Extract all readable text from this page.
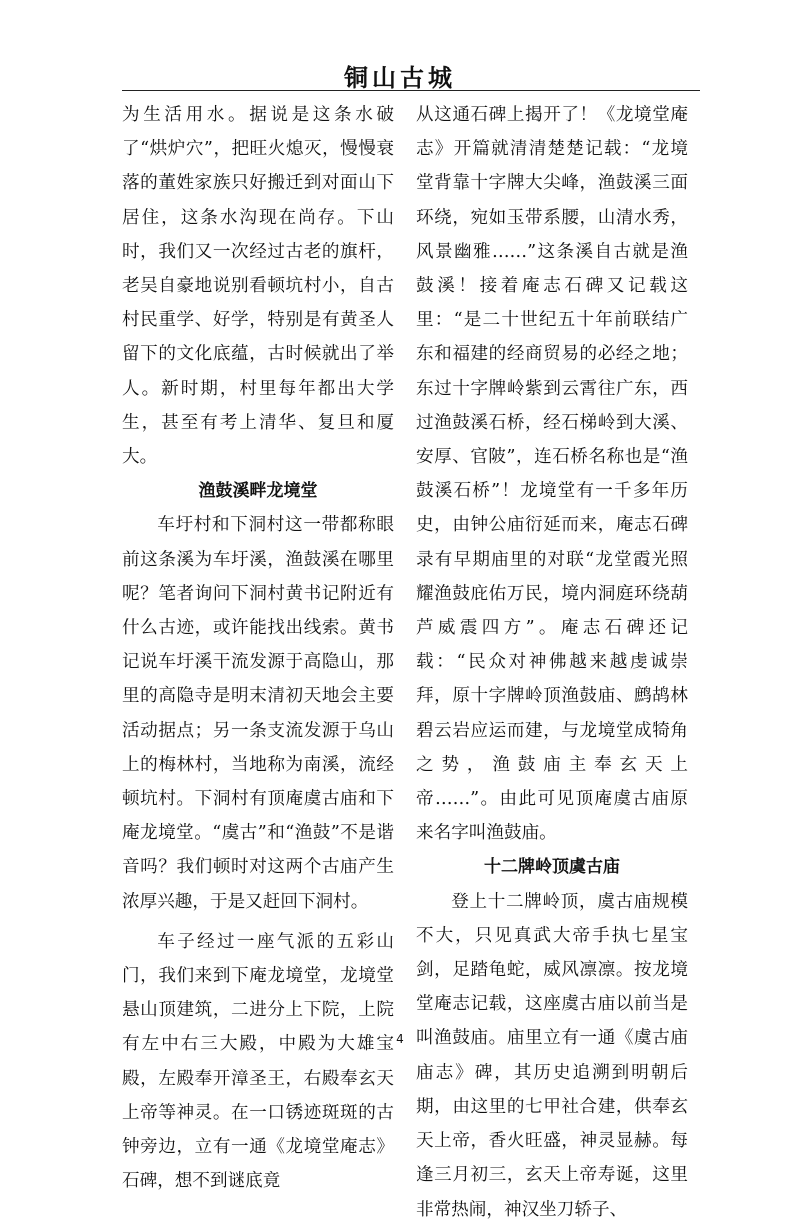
铜山古城

为生活用水。据说是这条水破了“烘炉穴”，把旺火熄灭，慢慢衰落的董姓家族只好搬迁到对面山下居住，这条水沟现在尚存。下山时，我们又一次经过古老的旗杆，老吴自豪地说别看顿坑村小，自古村民重学、好学，特别是有黄圣人留下的文化底蕴，古时候就出了举人。新时期，村里每年都出大学生，甚至有考上清华、复旦和厦大。

渔鼓溪畔龙境堂

车圩村和下洞村这一带都称眼前这条溪为车圩溪，渔鼓溪在哪里呢？笔者询问下洞村黄书记附近有什么古迹，或许能找出线索。黄书记说车圩溪干流发源于高隐山，那里的高隐寺是明末清初天地会主要活动据点；另一条支流发源于乌山上的梅林村，当地称为南溪，流经顿坑村。下洞村有顶庵虞古庙和下庵龙境堂。“虞古”和“渔鼓”不是谐音吗？我们顿时对这两个古庙产生浓厚兴趣，于是又赶回下洞村。

车子经过一座气派的五彩山门，我们来到下庵龙境堂，龙境堂悬山顶建筑，二进分上下院，上院有左中右三大殿，中殿为大雄宝殿，左殿奉开漳圣王，右殿奉玄天上帝等神灵。在一口锈迹斑斑的古钟旁边，立有一通《龙境堂庵志》石碑，想不到谜底竟

从这通石碑上揭开了！《龙境堂庵志》开篇就清清楚楚记载：“龙境堂背靠十字牌大尖峰，渔鼓溪三面环绕，宛如玉带系腰，山清水秀，风景幽雅……”这条溪自古就是渔鼓溪！接着庵志石碑又记载这里：“是二十世纪五十年前联结广东和福建的经商贸易的必经之地；东过十字牌岭紫到云霄往广东，西过渔鼓溪石桥，经石梯岭到大溪、安厚、官陂”，连石桥名称也是“渔鼓溪石桥”！龙境堂有一千多年历史，由钟公庙衍延而来，庵志石碑录有早期庙里的对联“龙堂霞光照耀渔鼓庇佑万民，境内洞庭环绕葫芦威震四方”。庵志石碑还记载：“民众对神佛越来越虔诚崇拜，原十字牌岭顶渔鼓庙、鹧鸪林碧云岩应运而建，与龙境堂成犄角之势，渔鼓庙主奉玄天上帝……”。由此可见顶庵虞古庙原来名字叫渔鼓庙。

十二牌岭顶虞古庙

登上十二牌岭顶，虞古庙规模不大，只见真武大帝手执七星宝剑，足踏龟蛇，威风凛凛。按龙境堂庵志记载，这座虞古庙以前当是叫渔鼓庙。庙里立有一通《虞古庙庙志》碑，其历史追溯到明朝后期，由这里的七甲社合建，供奉玄天上帝，香火旺盛，神灵显赫。每逢三月初三，玄天上帝寿诞，这里非常热闹，神汉坐刀轿子、

4
